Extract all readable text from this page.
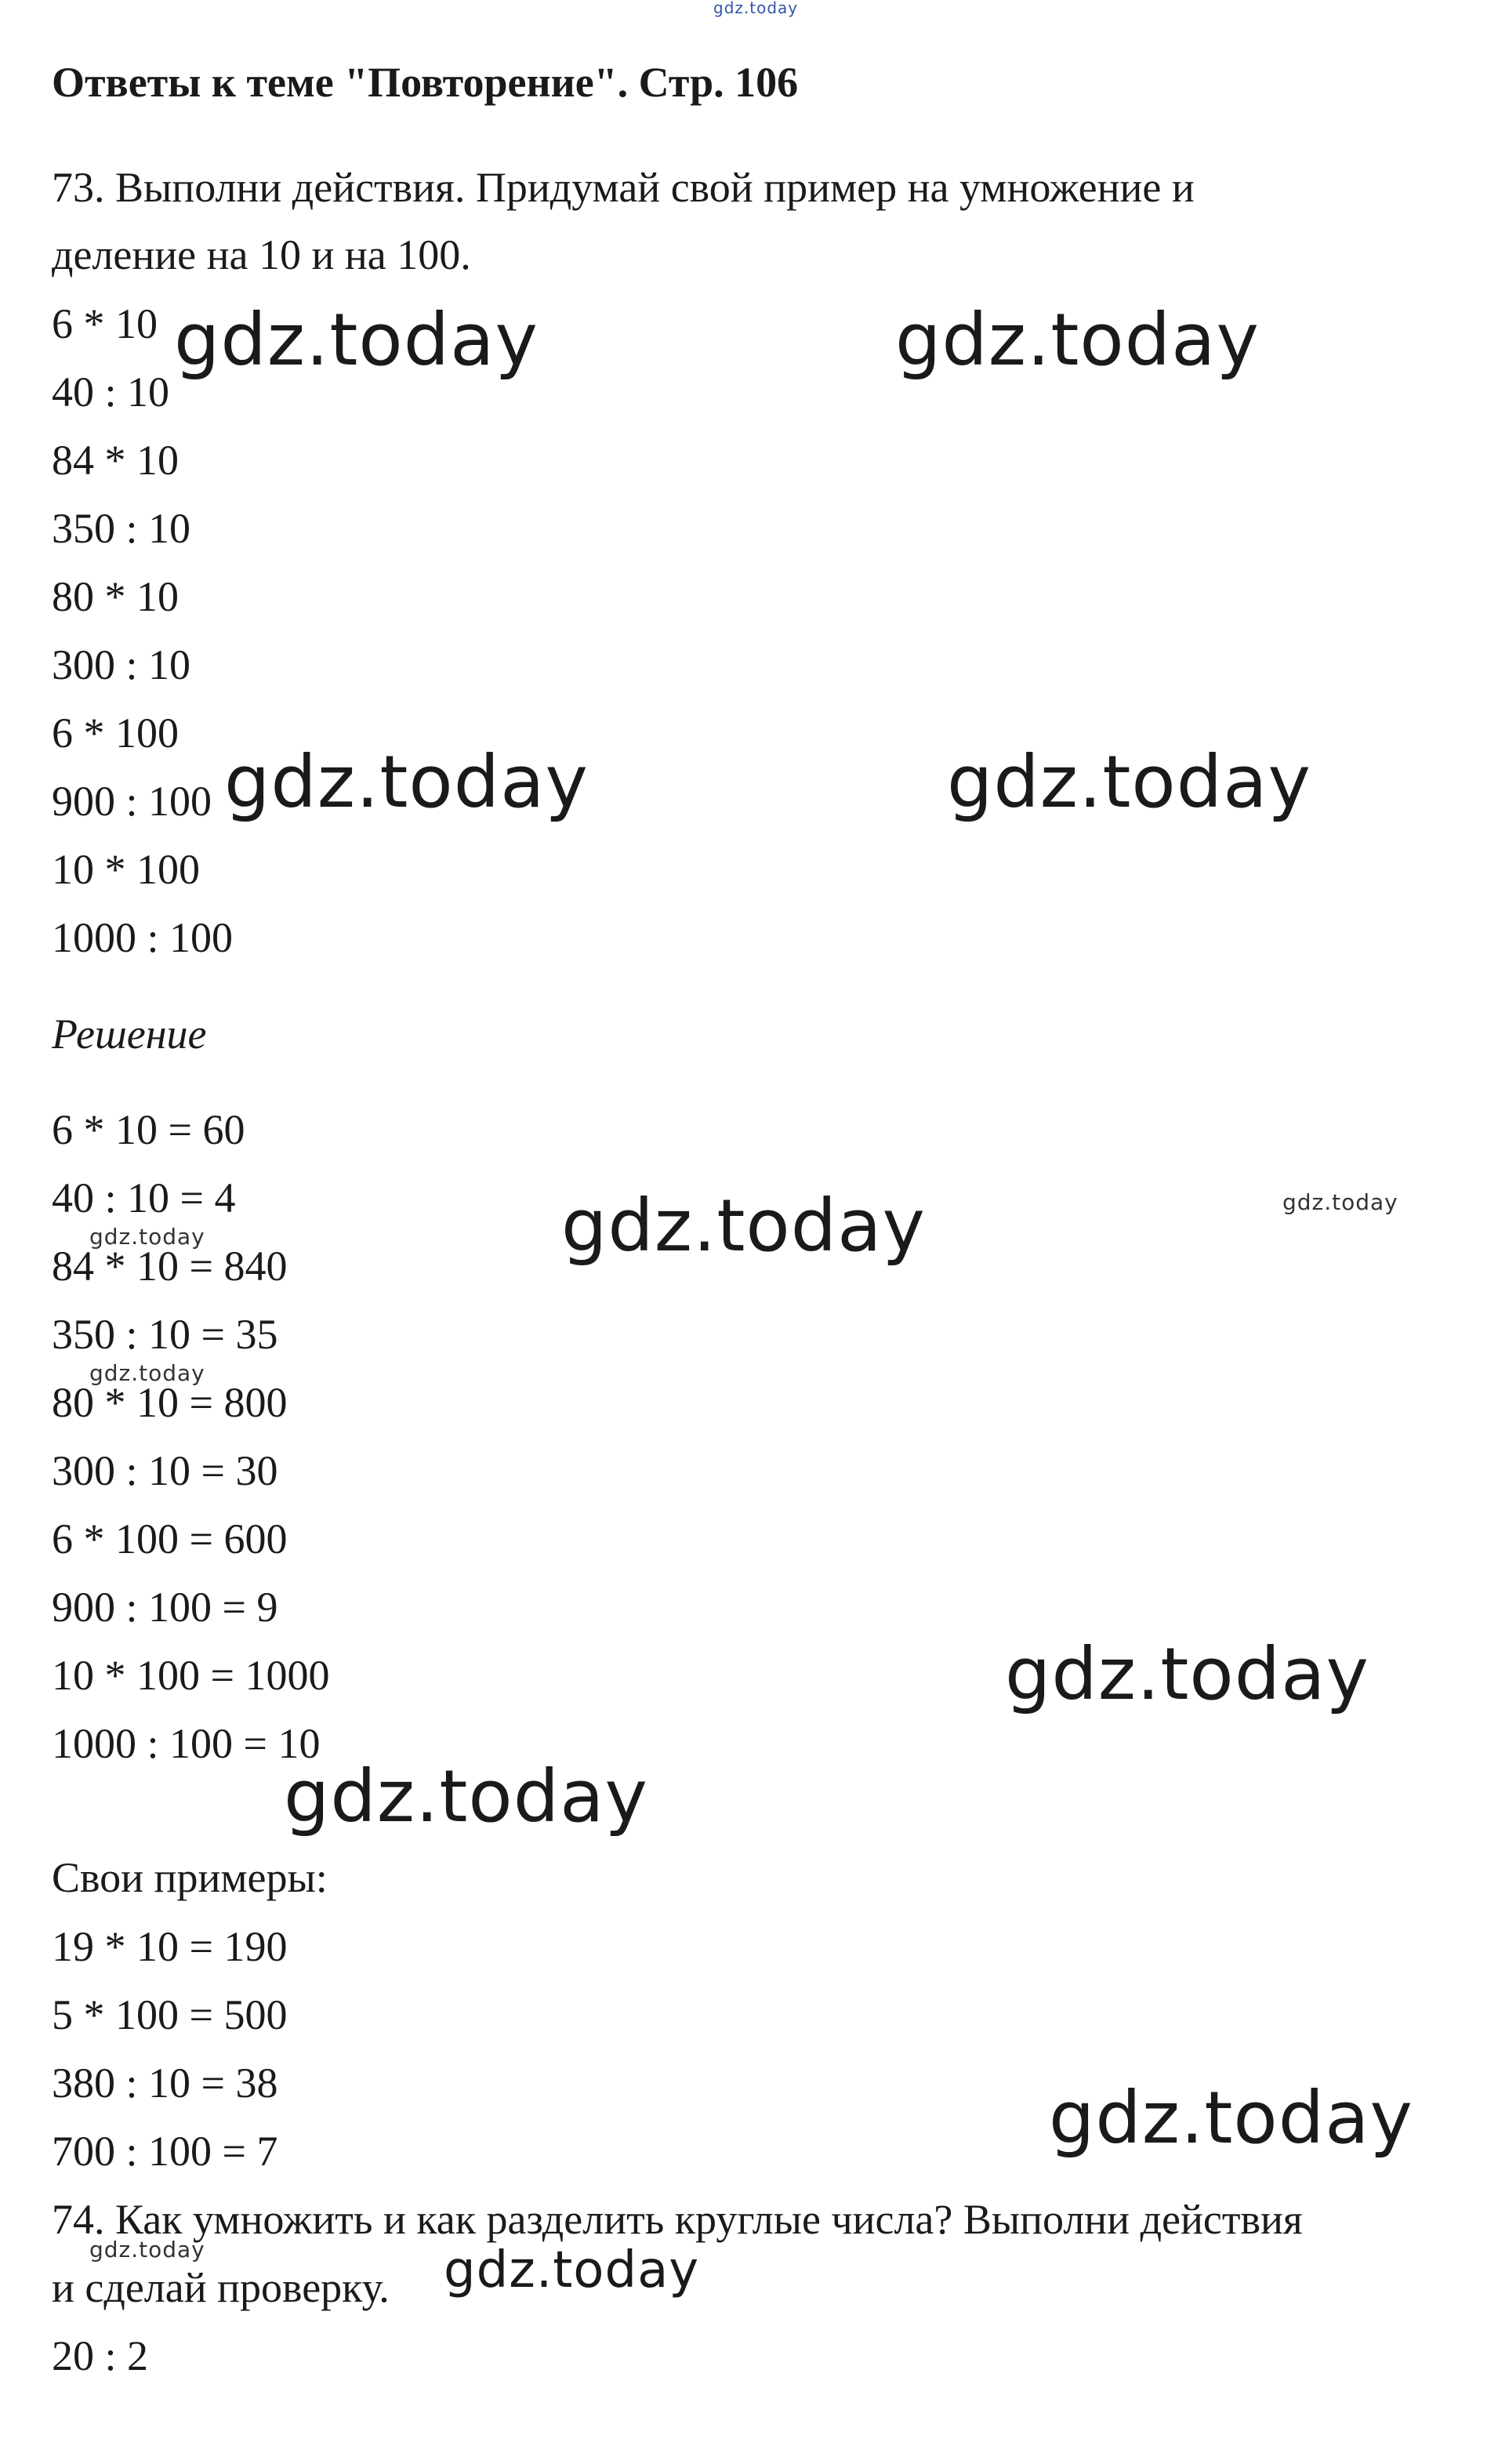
gdz.today
gdz.today	gdz.today
gdz.today	gdz.today
gdz.today	gdz.today
gdz.today
gdz.today
gdz.today
gdz.today
gdz.today
gdz.today	gdz.today
Ответы к теме "Повторение". Стр. 106
73. Выполни действия. Придумай свой пример на умножение и
деление на 10 и на 100.
6 * 10
40 : 10
84 * 10
350 : 10
80 * 10
300 : 10
6 * 100
900 : 100
10 * 100
1000 : 100
Решение
6 * 10 = 60
40 : 10 = 4
84 * 10 = 840
350 : 10 = 35
80 * 10 = 800
300 : 10 = 30
6 * 100 = 600
900 : 100 = 9
10 * 100 = 1000
1000 : 100 = 10
Свои примеры:
19 * 10 = 190
5 * 100 = 500
380 : 10 = 38
700 : 100 = 7
74. Как умножить и как разделить круглые числа? Выполни действия
и сделай проверку.
20 : 2
